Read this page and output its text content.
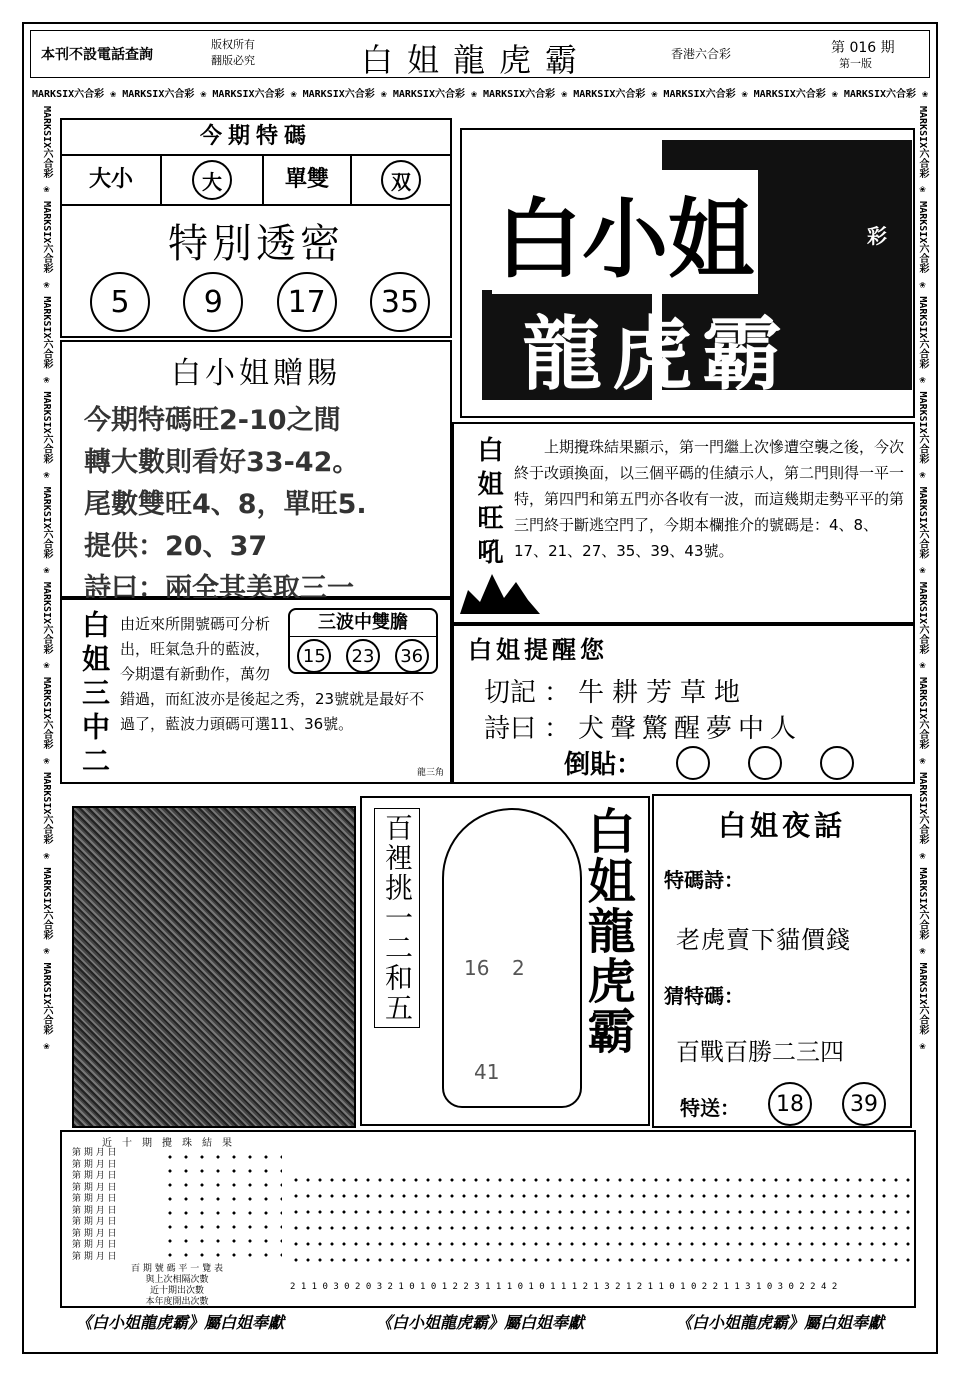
本刊不設電話查詢
版权所有
翻版必究	白姐龍虎霸	香港六合彩	第 016 期
第一版
MARKSIX六合彩 ❀ MARKSIX六合彩 ❀ MARKSIX六合彩 ❀ MARKSIX六合彩 ❀ MARKSIX六合彩 ❀ MARKSIX六合彩 ❀ MARKSIX六合彩 ❀ MARKSIX六合彩 ❀ MARKSIX六合彩 ❀ MARKSIX六合彩 ❀
MARKSIX六合彩 ❀ MARKSIX六合彩 ❀ MARKSIX六合彩 ❀ MARKSIX六合彩 ❀ MARKSIX六合彩 ❀ MARKSIX六合彩 ❀ MARKSIX六合彩 ❀ MARKSIX六合彩 ❀ MARKSIX六合彩 ❀ MARKSIX六合彩 ❀	MARKSIX六合彩 ❀ MARKSIX六合彩 ❀ MARKSIX六合彩 ❀ MARKSIX六合彩 ❀ MARKSIX六合彩 ❀ MARKSIX六合彩 ❀ MARKSIX六合彩 ❀ MARKSIX六合彩 ❀ MARKSIX六合彩 ❀ MARKSIX六合彩 ❀
今期特碼
大小	大	單雙	双
特別透密
5	9	17	35
白小姐
龍虎霸
彩
白小姐贈賜
今期特碼旺2-10之間
轉大數則看好33-42。
尾數雙旺4、8，單旺5.
提供：20、37
詩曰：兩全其美取三一
白姐旺吼	上期攪珠結果顯示，第一門繼上次慘遭空襲之後，今次終于改頭換面，以三個平碼的佳績示人，第二門則得一平一特，第四門和第五門亦各收有一波，而這幾期走勢平平的第三門終于斷逃空門了，今期本欄推介的號碼是：4、8、17、21、27、35、39、43號。
白姐三中二	三波中雙膽
15	23	36
由近來所開號碼可分析出，旺氣急升的藍波，今期還有新動作，萬勿錯過，而紅波亦是後起之秀，23號就是最好不過了，藍波力頭碼可選11、36號。
龍三角
白姐提醒您
切記 ： 牛耕芳草地
詩曰 ： 犬聲驚醒夢中人
倒貼：
百裡挑一二和五	白姐龍虎霸
16 2
41
白姐夜話
特碼詩：
老虎賣下貓價錢
猜特碼：
百戰百勝二三四
特送：	18	39
近十期攪珠結果
第 期 月 日
第 期 月 日
第 期 月 日
第 期 月 日
第 期 月 日
第 期 月 日
第 期 月 日
第 期 月 日
第 期 月 日
第 期 月 日
百 期 號 碼 平 一 覽 表
與上次相隔次數
近十期出次數
本年度開出次數
2 1 1 0 3 0 2 0 3 2 1 0 1 0 1 2 2 3 1 1 1 0 1 0 1 1 1 2 1 3 2 1 2 1 1 0 1 0 2 2 1 1 3 1 0 3 0 2 2 4 2
《白小姐龍虎霸》屬白姐奉獻	《白小姐龍虎霸》屬白姐奉獻	《白小姐龍虎霸》屬白姐奉獻
